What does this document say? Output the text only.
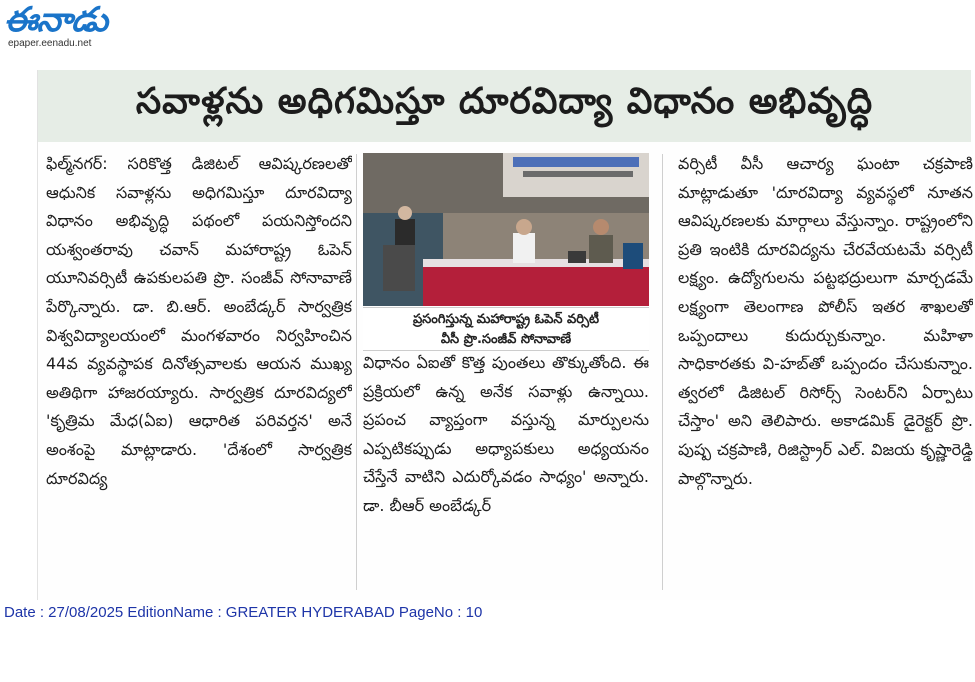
ఈనాడు
epaper.eenadu.net
సవాళ్లను అధిగమిస్తూ దూరవిద్యా విధానం అభివృద్ధి

ఫిల్మ్‌నగర్: సరికొత్త డిజిటల్ ఆవిష్కరణలతో ఆధునిక సవాళ్లను అధిగమిస్తూ దూరవిద్యా విధానం అభివృద్ధి పథంలో పయనిస్తోందని యశ్వంతరావు చవాన్ మహారాష్ట్ర ఓపెన్ యూనివర్సిటీ ఉపకులపతి ప్రొ. సంజీవ్ సోనావాణే పేర్కొన్నారు. డా. బి.ఆర్. అంబేడ్కర్ సార్వత్రిక విశ్వవిద్యాలయంలో మంగళవారం నిర్వహించిన 44వ వ్యవస్థాపక దినోత్సవాలకు ఆయన ముఖ్య అతిథిగా హాజరయ్యారు. సార్వత్రిక దూరవిద్యలో 'కృత్రిమ మేధ(ఏఐ) ఆధారిత పరివర్తన' అనే అంశంపై మాట్లాడారు. 'దేశంలో సార్వత్రిక దూరవిద్య

ప్రసంగిస్తున్న మహారాష్ట్ర ఓపెన్ వర్సిటీ
వీసీ ప్రొ.సంజీవ్ సోనావాణే

విధానం ఏఐతో కొత్త పుంతలు తొక్కుతోంది. ఈ ప్రక్రియలో ఉన్న అనేక సవాళ్లు ఉన్నాయి. ప్రపంచ వ్యాప్తంగా వస్తున్న మార్పులను ఎప్పటికప్పుడు అధ్యాపకులు అధ్యయనం చేస్తేనే వాటిని ఎదుర్కోవడం సాధ్యం' అన్నారు. డా. బీఆర్ అంబేడ్కర్

వర్సిటీ వీసీ ఆచార్య ఘంటా చక్రపాణి మాట్లాడుతూ 'దూరవిద్యా వ్యవస్థలో నూతన ఆవిష్కరణలకు మార్గాలు వేస్తున్నాం. రాష్ట్రంలోని ప్రతి ఇంటికి దూరవిద్యను చేరవేయటమే వర్సిటీ లక్ష్యం. ఉద్యోగులను పట్టభద్రులుగా మార్చడమే లక్ష్యంగా తెలంగాణ పోలీస్ ఇతర శాఖలతో ఒప్పందాలు కుదుర్చుకున్నాం. మహిళా సాధికారతకు వి-హబ్‌తో ఒప్పందం చేసుకున్నాం. త్వరలో డిజిటల్ రిసోర్స్ సెంటర్‌ని ఏర్పాటు చేస్తాం' అని తెలిపారు. అకాడమిక్ డైరెక్టర్ ప్రొ. పుష్ప చక్రపాణి, రిజిస్ట్రార్ ఎల్. విజయ కృష్ణారెడ్డి పాల్గొన్నారు.

Date : 27/08/2025 EditionName : GREATER HYDERABAD PageNo : 10
